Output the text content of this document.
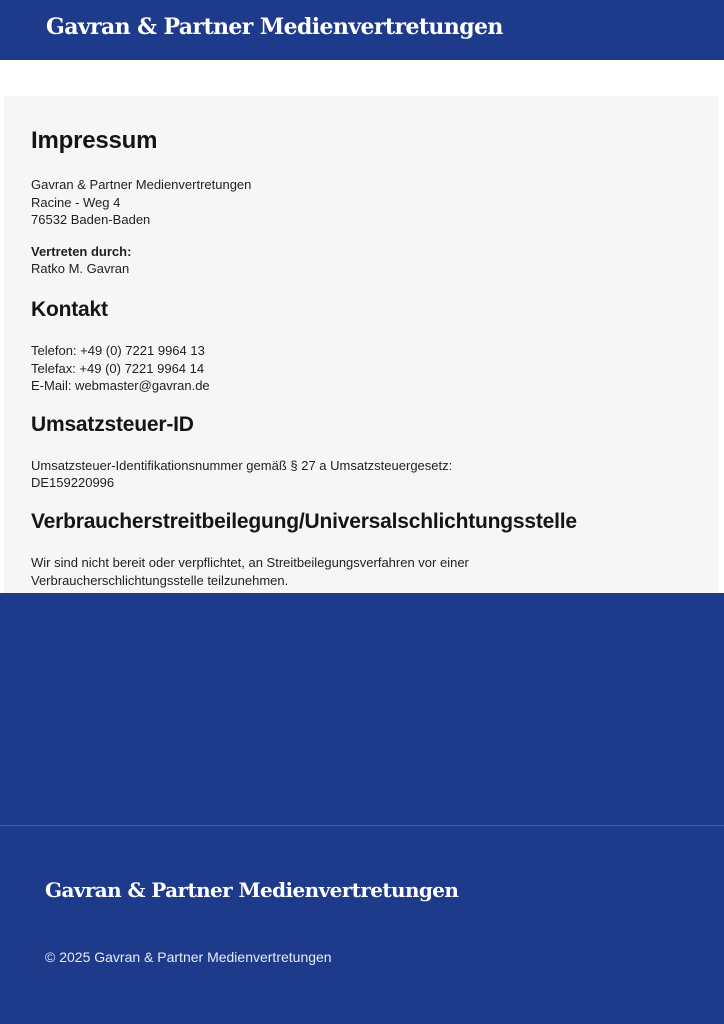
Gavran & Partner Medienvertretungen
Impressum

Gavran & Partner Medienvertretungen
Racine - Weg 4
76532 Baden-Baden

Vertreten durch:
Ratko M. Gavran

Kontakt

Telefon: +49 (0) 7221 9964 13
Telefax: +49 (0) 7221 9964 14
E-Mail: webmaster@gavran.de

Umsatzsteuer-ID

Umsatzsteuer-Identifikationsnummer gemäß § 27 a Umsatzsteuergesetz:
DE159220996

Verbraucherstreitbeilegung/Universalschlichtungsstelle

Wir sind nicht bereit oder verpflichtet, an Streitbeilegungsverfahren vor einer
Verbraucherschlichtungsstelle teilzunehmen.

Gavran & Partner Medienvertretungen
© 2025 Gavran & Partner Medienvertretungen
